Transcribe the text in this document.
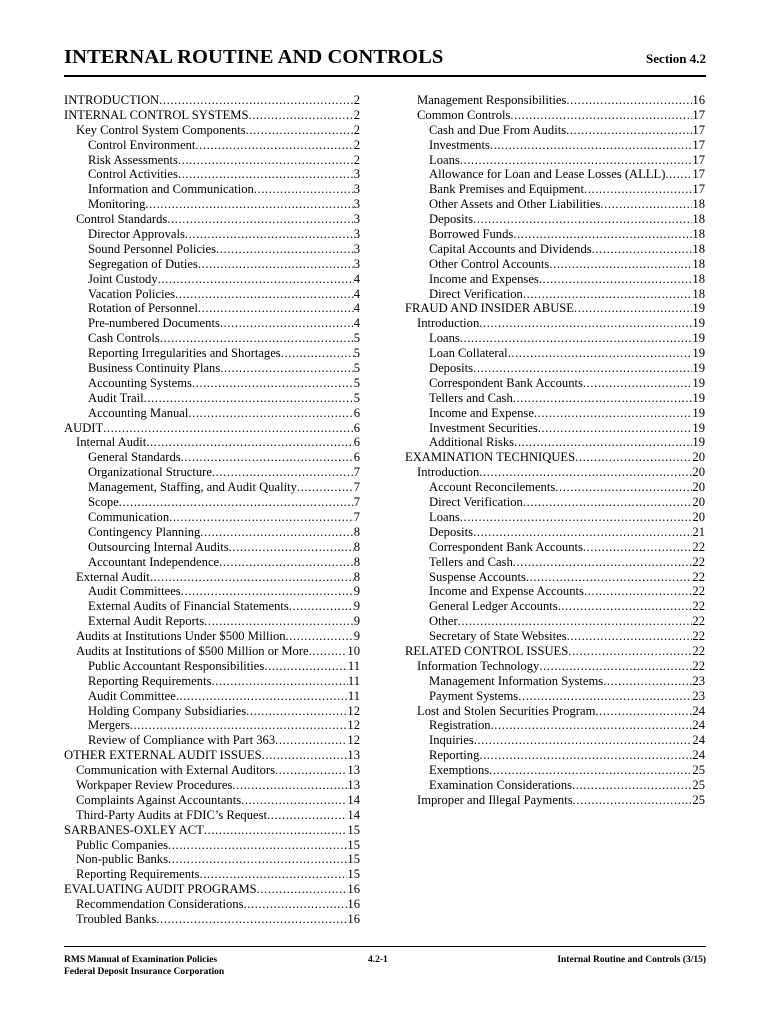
INTERNAL ROUTINE AND CONTROLS	Section 4.2
INTRODUCTION .....	2
INTERNAL CONTROL SYSTEMS .....	2
Key Control System Components .....	2
Control Environment .....	2
Risk Assessments .....	2
Control Activities .....	3
Information and Communication .....	3
Monitoring .....	3
Control Standards .....	3
Director Approvals .....	3
Sound Personnel Policies .....	3
Segregation of Duties .....	3
Joint Custody .....	4
Vacation Policies .....	4
Rotation of Personnel .....	4
Pre-numbered Documents .....	4
Cash Controls .....	5
Reporting Irregularities and Shortages .....	5
Business Continuity Plans .....	5
Accounting Systems .....	5
Audit Trail .....	5
Accounting Manual .....	6
AUDIT .....	6
Internal Audit .....	6
General Standards .....	6
Organizational Structure .....	7
Management, Staffing, and Audit Quality .....	7
Scope .....	7
Communication .....	7
Contingency Planning .....	8
Outsourcing Internal Audits .....	8
Accountant Independence .....	8
External Audit .....	8
Audit Committees .....	9
External Audits of Financial Statements .....	9
External Audit Reports .....	9
Audits at Institutions Under $500 Million .....	9
Audits at Institutions of $500 Million or More .....	10
Public Accountant Responsibilities .....	11
Reporting Requirements .....	11
Audit Committee .....	11
Holding Company Subsidiaries .....	12
Mergers .....	12
Review of Compliance with Part 363 .....	12
OTHER EXTERNAL AUDIT ISSUES .....	13
Communication with External Auditors .....	13
Workpaper Review Procedures .....	13
Complaints Against Accountants .....	14
Third-Party Audits at FDIC’s Request .....	14
SARBANES-OXLEY ACT .....	15
Public Companies .....	15
Non-public Banks .....	15
Reporting Requirements .....	15
EVALUATING AUDIT PROGRAMS .....	16
Recommendation Considerations .....	16
Troubled Banks .....	16
Management Responsibilities .....	16
Common Controls .....	17
Cash and Due From Audits .....	17
Investments .....	17
Loans .....	17
Allowance for Loan and Lease Losses (ALLL) ..... 17
Bank Premises and Equipment .....	17
Other Assets and Other Liabilities .....	18
Deposits .....	18
Borrowed Funds .....	18
Capital Accounts and Dividends .....	18
Other Control Accounts .....	18
Income and Expenses .....	18
Direct Verification .....	18
FRAUD AND INSIDER ABUSE .....	19
Introduction .....	19
Loans .....	19
Loan Collateral .....	19
Deposits .....	19
Correspondent Bank Accounts .....	19
Tellers and Cash .....	19
Income and Expense .....	19
Investment Securities .....	19
Additional Risks .....	19
EXAMINATION TECHNIQUES .....	20
Introduction .....	20
Account Reconcilements .....	20
Direct Verification .....	20
Loans .....	20
Deposits .....	21
Correspondent Bank Accounts .....	22
Tellers and Cash .....	22
Suspense Accounts .....	22
Income and Expense Accounts .....	22
General Ledger Accounts .....	22
Other .....	22
Secretary of State Websites .....	22
RELATED CONTROL ISSUES .....	22
Information Technology .....	22
Management Information Systems .....	23
Payment Systems .....	23
Lost and Stolen Securities Program .....	24
Registration .....	24
Inquiries .....	24
Reporting .....	24
Exemptions .....	25
Examination Considerations .....	25
Improper and Illegal Payments .....	25
RMS Manual of Examination Policies
Federal Deposit Insurance Corporation
4.2-1	Internal Routine and Controls (3/15)
